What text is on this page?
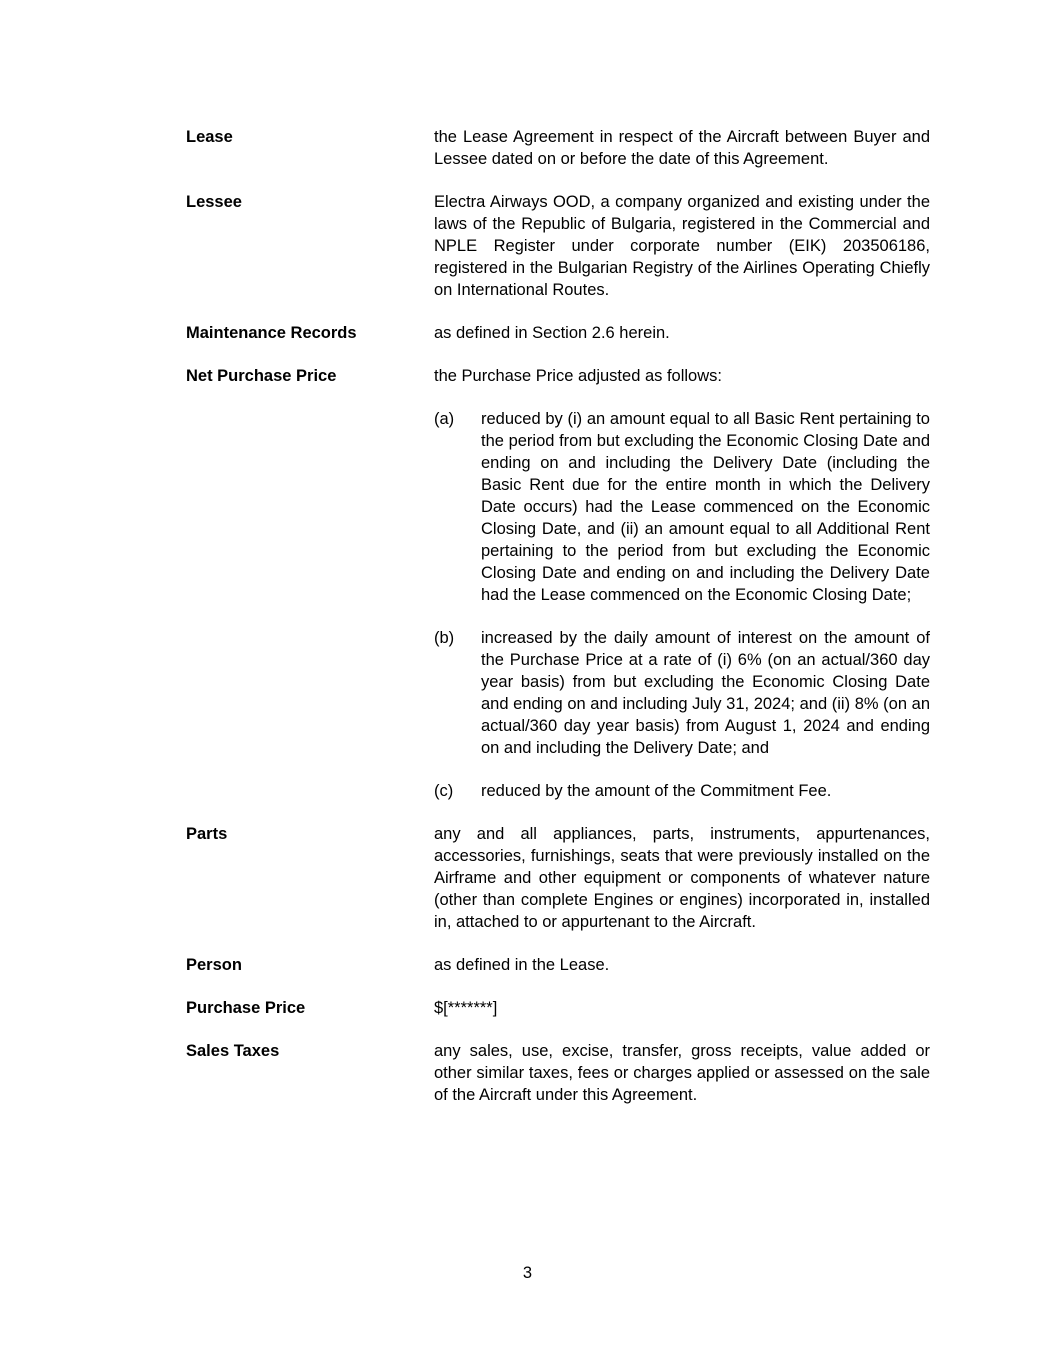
Lease	the Lease Agreement in respect of the Aircraft between Buyer and Lessee dated on or before the date of this Agreement.

Lessee	Electra Airways OOD, a company organized and existing under the laws of the Republic of Bulgaria, registered in the Commercial and NPLE Register under corporate number (EIK) 203506186, registered in the Bulgarian Registry of the Airlines Operating Chiefly on International Routes.

Maintenance Records	as defined in Section 2.6 herein.

Net Purchase Price	the Purchase Price adjusted as follows:

(a)	reduced by (i) an amount equal to all Basic Rent pertaining to the period from but excluding the Economic Closing Date and ending on and including the Delivery Date (including the Basic Rent due for the entire month in which the Delivery Date occurs) had the Lease commenced on the Economic Closing Date, and (ii) an amount equal to all Additional Rent pertaining to the period from but excluding the Economic Closing Date and ending on and including the Delivery Date had the Lease commenced on the Economic Closing Date;

(b)	increased by the daily amount of interest on the amount of the Purchase Price at a rate of (i) 6% (on an actual/360 day year basis) from but excluding the Economic Closing Date and ending on and including July 31, 2024; and (ii) 8% (on an actual/360 day year basis) from August 1, 2024 and ending on and including the Delivery Date; and

(c)	reduced by the amount of the Commitment Fee.

Parts	any and all appliances, parts, instruments, appurtenances, accessories, furnishings, seats that were previously installed on the Airframe and other equipment or components of whatever nature (other than complete Engines or engines) incorporated in, installed in, attached to or appurtenant to the Aircraft.

Person	as defined in the Lease.

Purchase Price	$[*******]

Sales Taxes	any sales, use, excise, transfer, gross receipts, value added or other similar taxes, fees or charges applied or assessed on the sale of the Aircraft under this Agreement.

3
